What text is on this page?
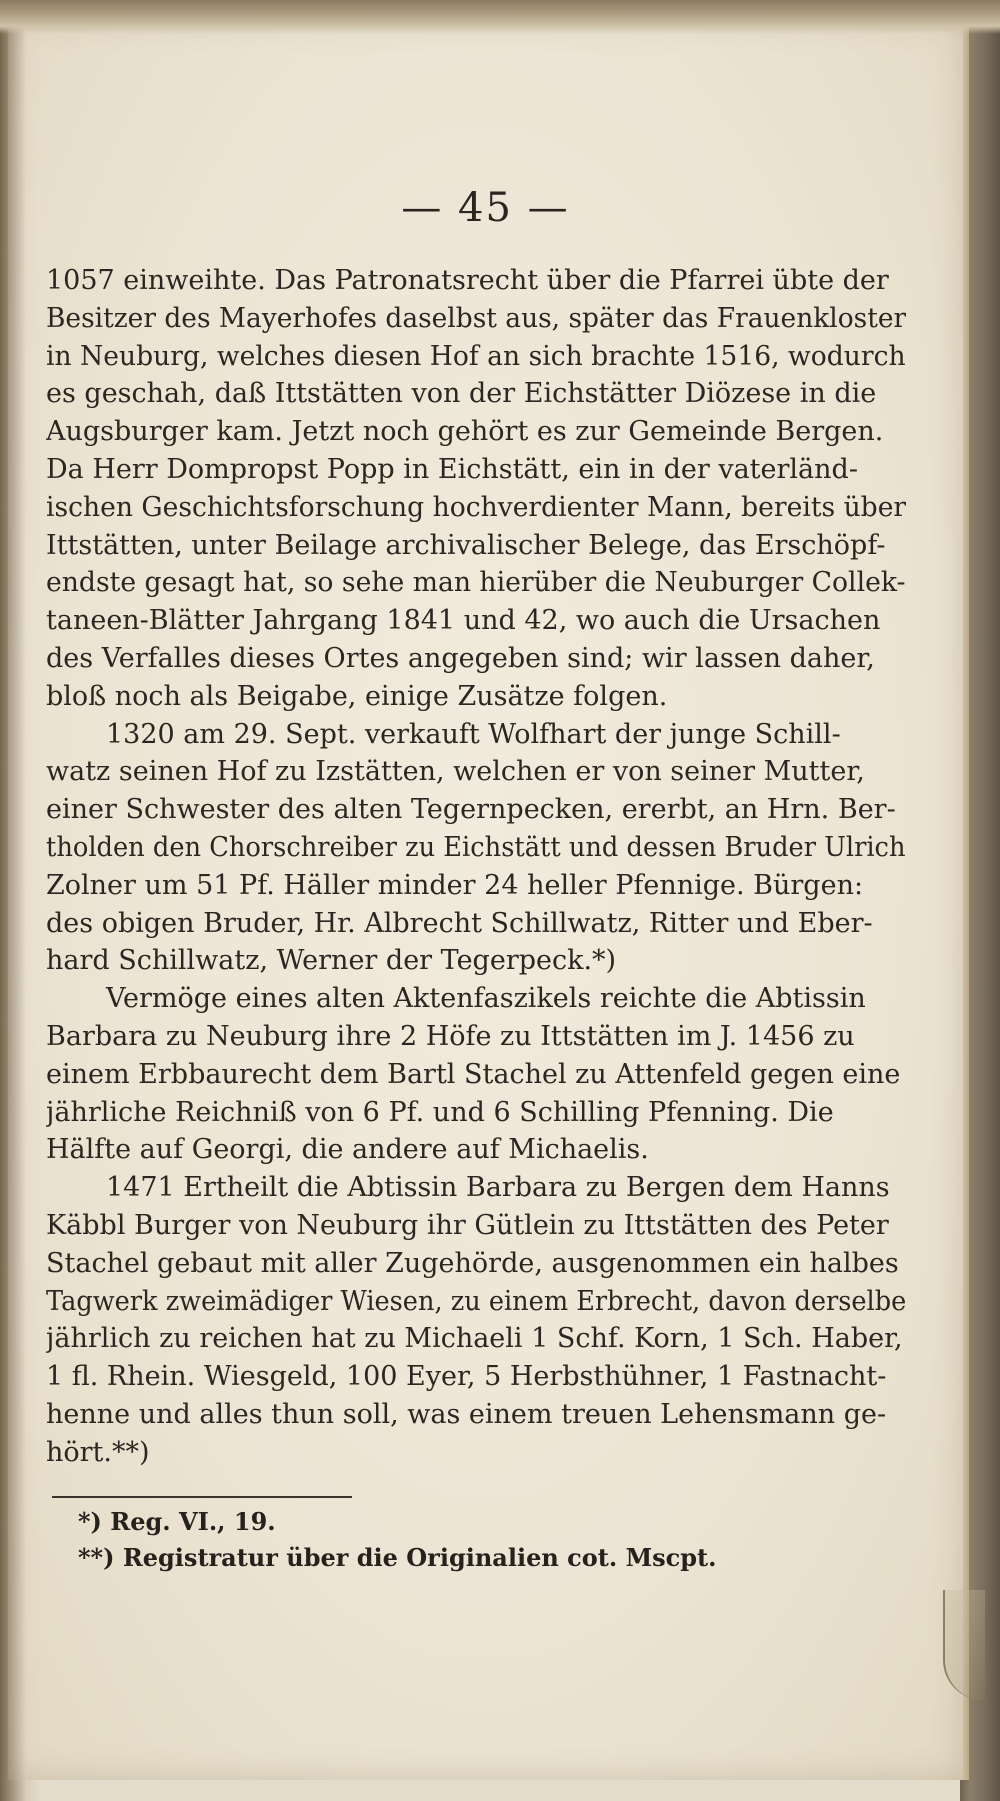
— 45 —
1057 einweihte. Das Patronatsrecht über die Pfarrei übte der
Besitzer des Mayerhofes daselbst aus, später das Frauenkloster
in Neuburg, welches diesen Hof an sich brachte 1516, wodurch
es geschah, daß Ittstätten von der Eichstätter Diözese in die
Augsburger kam. Jetzt noch gehört es zur Gemeinde Bergen.
Da Herr Dompropst Popp in Eichstätt, ein in der vaterländ-
ischen Geschichtsforschung hochverdienter Mann, bereits über
Ittstätten, unter Beilage archivalischer Belege, das Erschöpf-
endste gesagt hat, so sehe man hierüber die Neuburger Collek-
taneen-Blätter Jahrgang 1841 und 42, wo auch die Ursachen
des Verfalles dieses Ortes angegeben sind; wir lassen daher,
bloß noch als Beigabe, einige Zusätze folgen.
1320 am 29. Sept. verkauft Wolfhart der junge Schill-
watz seinen Hof zu Izstätten, welchen er von seiner Mutter,
einer Schwester des alten Tegernpecken, ererbt, an Hrn. Ber-
tholden den Chorschreiber zu Eichstätt und dessen Bruder Ulrich
Zolner um 51 Pf. Häller minder 24 heller Pfennige. Bürgen:
des obigen Bruder, Hr. Albrecht Schillwatz, Ritter und Eber-
hard Schillwatz, Werner der Tegerpeck.*)
Vermöge eines alten Aktenfaszikels reichte die Abtissin
Barbara zu Neuburg ihre 2 Höfe zu Ittstätten im J. 1456 zu
einem Erbbaurecht dem Bartl Stachel zu Attenfeld gegen eine
jährliche Reichniß von 6 Pf. und 6 Schilling Pfenning. Die
Hälfte auf Georgi, die andere auf Michaelis.
1471 Ertheilt die Abtissin Barbara zu Bergen dem Hanns
Käbbl Burger von Neuburg ihr Gütlein zu Ittstätten des Peter
Stachel gebaut mit aller Zugehörde, ausgenommen ein halbes
Tagwerk zweimädiger Wiesen, zu einem Erbrecht, davon derselbe
jährlich zu reichen hat zu Michaeli 1 Schf. Korn, 1 Sch. Haber,
1 fl. Rhein. Wiesgeld, 100 Eyer, 5 Herbsthühner, 1 Fastnacht-
henne und alles thun soll, was einem treuen Lehensmann ge-
hört.**)
*) Reg. VI., 19.
**) Registratur über die Originalien cot. Mscpt.
